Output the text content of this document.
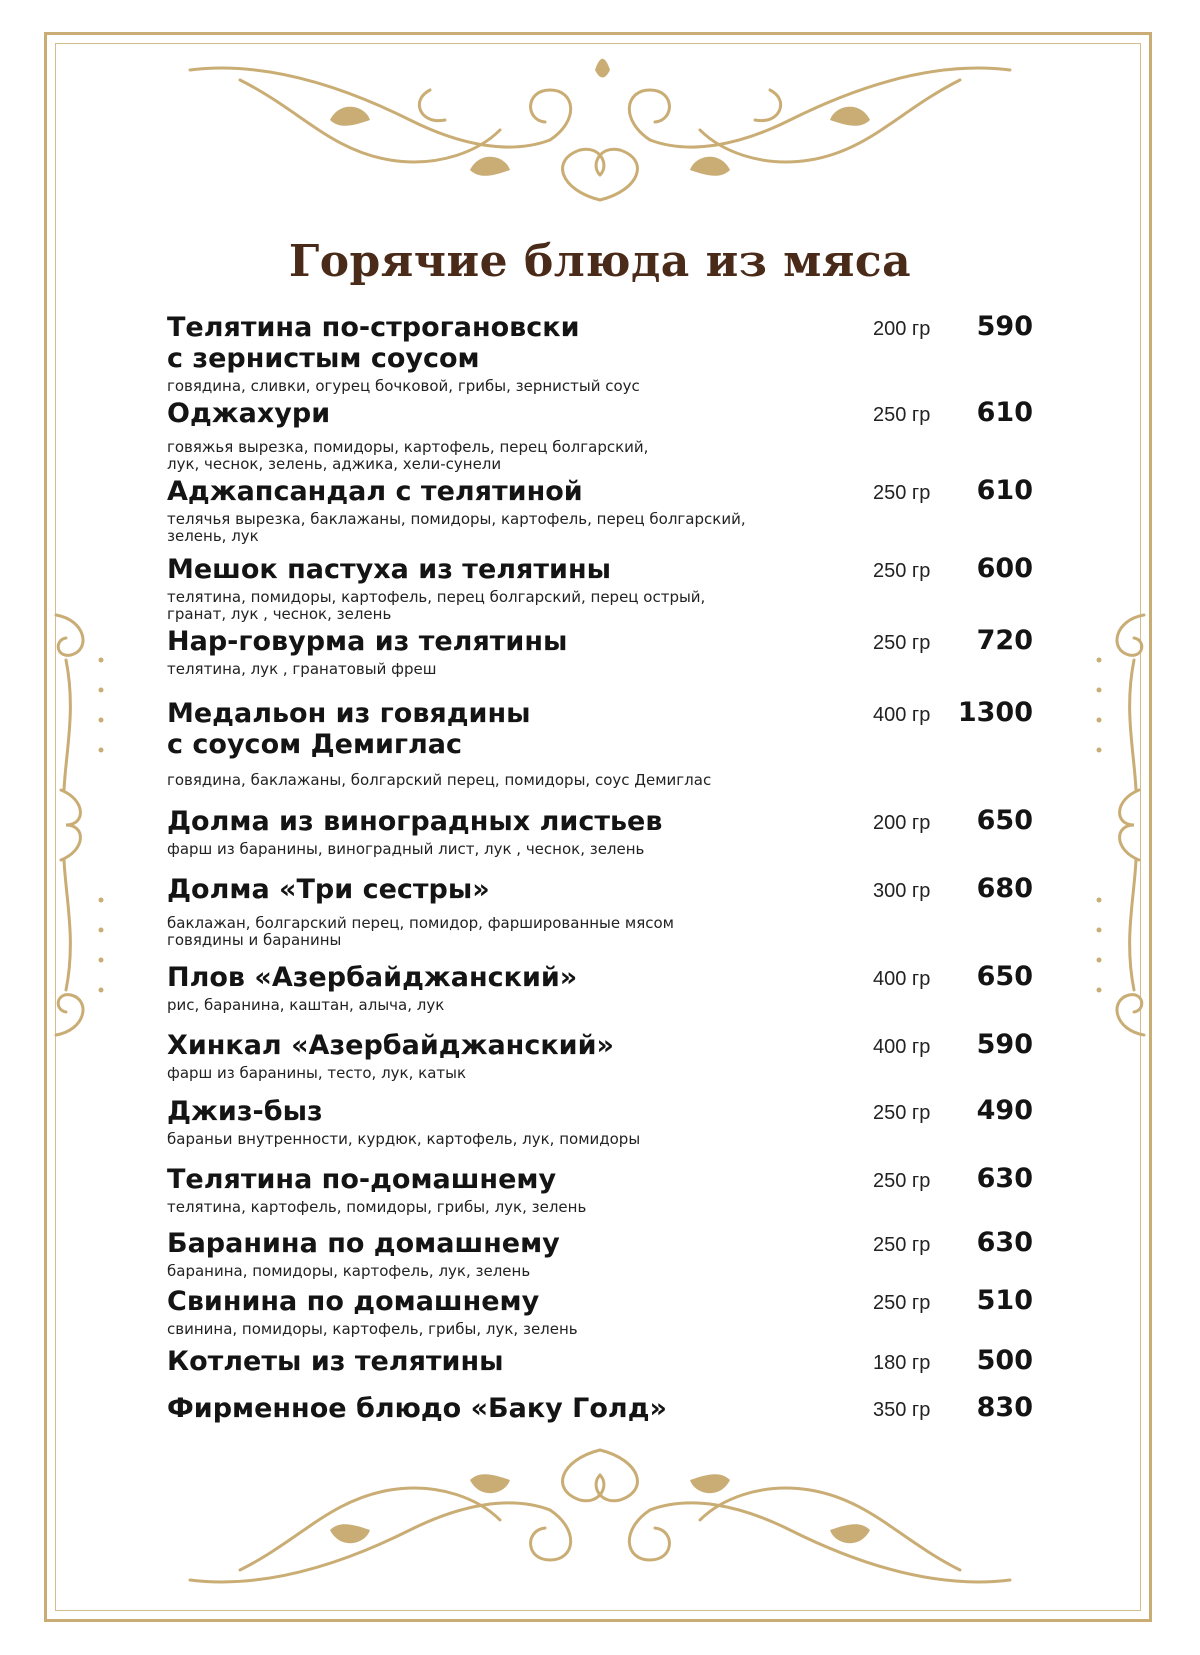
Горячие блюда из мяса
Телятина по-строгановски
с зернистым соусом
говядина, сливки, огурец бочковой, грибы, зернистый соус
200 гр 590
Оджахури
говяжья вырезка, помидоры, картофель, перец болгарский,
лук, чеснок, зелень, аджика, хели-сунели
250 гр 610
Аджапсандал с телятиной
телячья вырезка, баклажаны, помидоры, картофель, перец болгарский,
зелень, лук
250 гр 610
Мешок пастуха из телятины
телятина, помидоры, картофель, перец болгарский, перец острый,
гранат, лук , чеснок, зелень
250 гр 600
Нар-говурма из телятины
телятина, лук , гранатовый фреш
250 гр 720
Медальон из говядины
с соусом Демиглас
говядина, баклажаны, болгарский перец, помидоры, соус Демиглас
400 гр 1300
Долма из виноградных листьев
фарш из баранины, виноградный лист, лук , чеснок, зелень
200 гр 650
Долма «Три сестры»
баклажан, болгарский перец, помидор, фаршированные мясом
говядины и баранины
300 гр 680
Плов «Азербайджанский»
рис, баранина, каштан, алыча, лук
400 гр 650
Хинкал «Азербайджанский»
фарш из баранины, тесто, лук, катык
400 гр 590
Джиз-быз
бараньи внутренности, курдюк, картофель, лук, помидоры
250 гр 490
Телятина по-домашнему
телятина, картофель, помидоры, грибы, лук, зелень
250 гр 630
Баранина по домашнему
баранина, помидоры, картофель, лук, зелень
250 гр 630
Свинина по домашнему
свинина, помидоры, картофель, грибы, лук, зелень
250 гр 510
Котлеты из телятины	180 гр 500
Фирменное блюдо «Баку Голд»	350 гр 830
